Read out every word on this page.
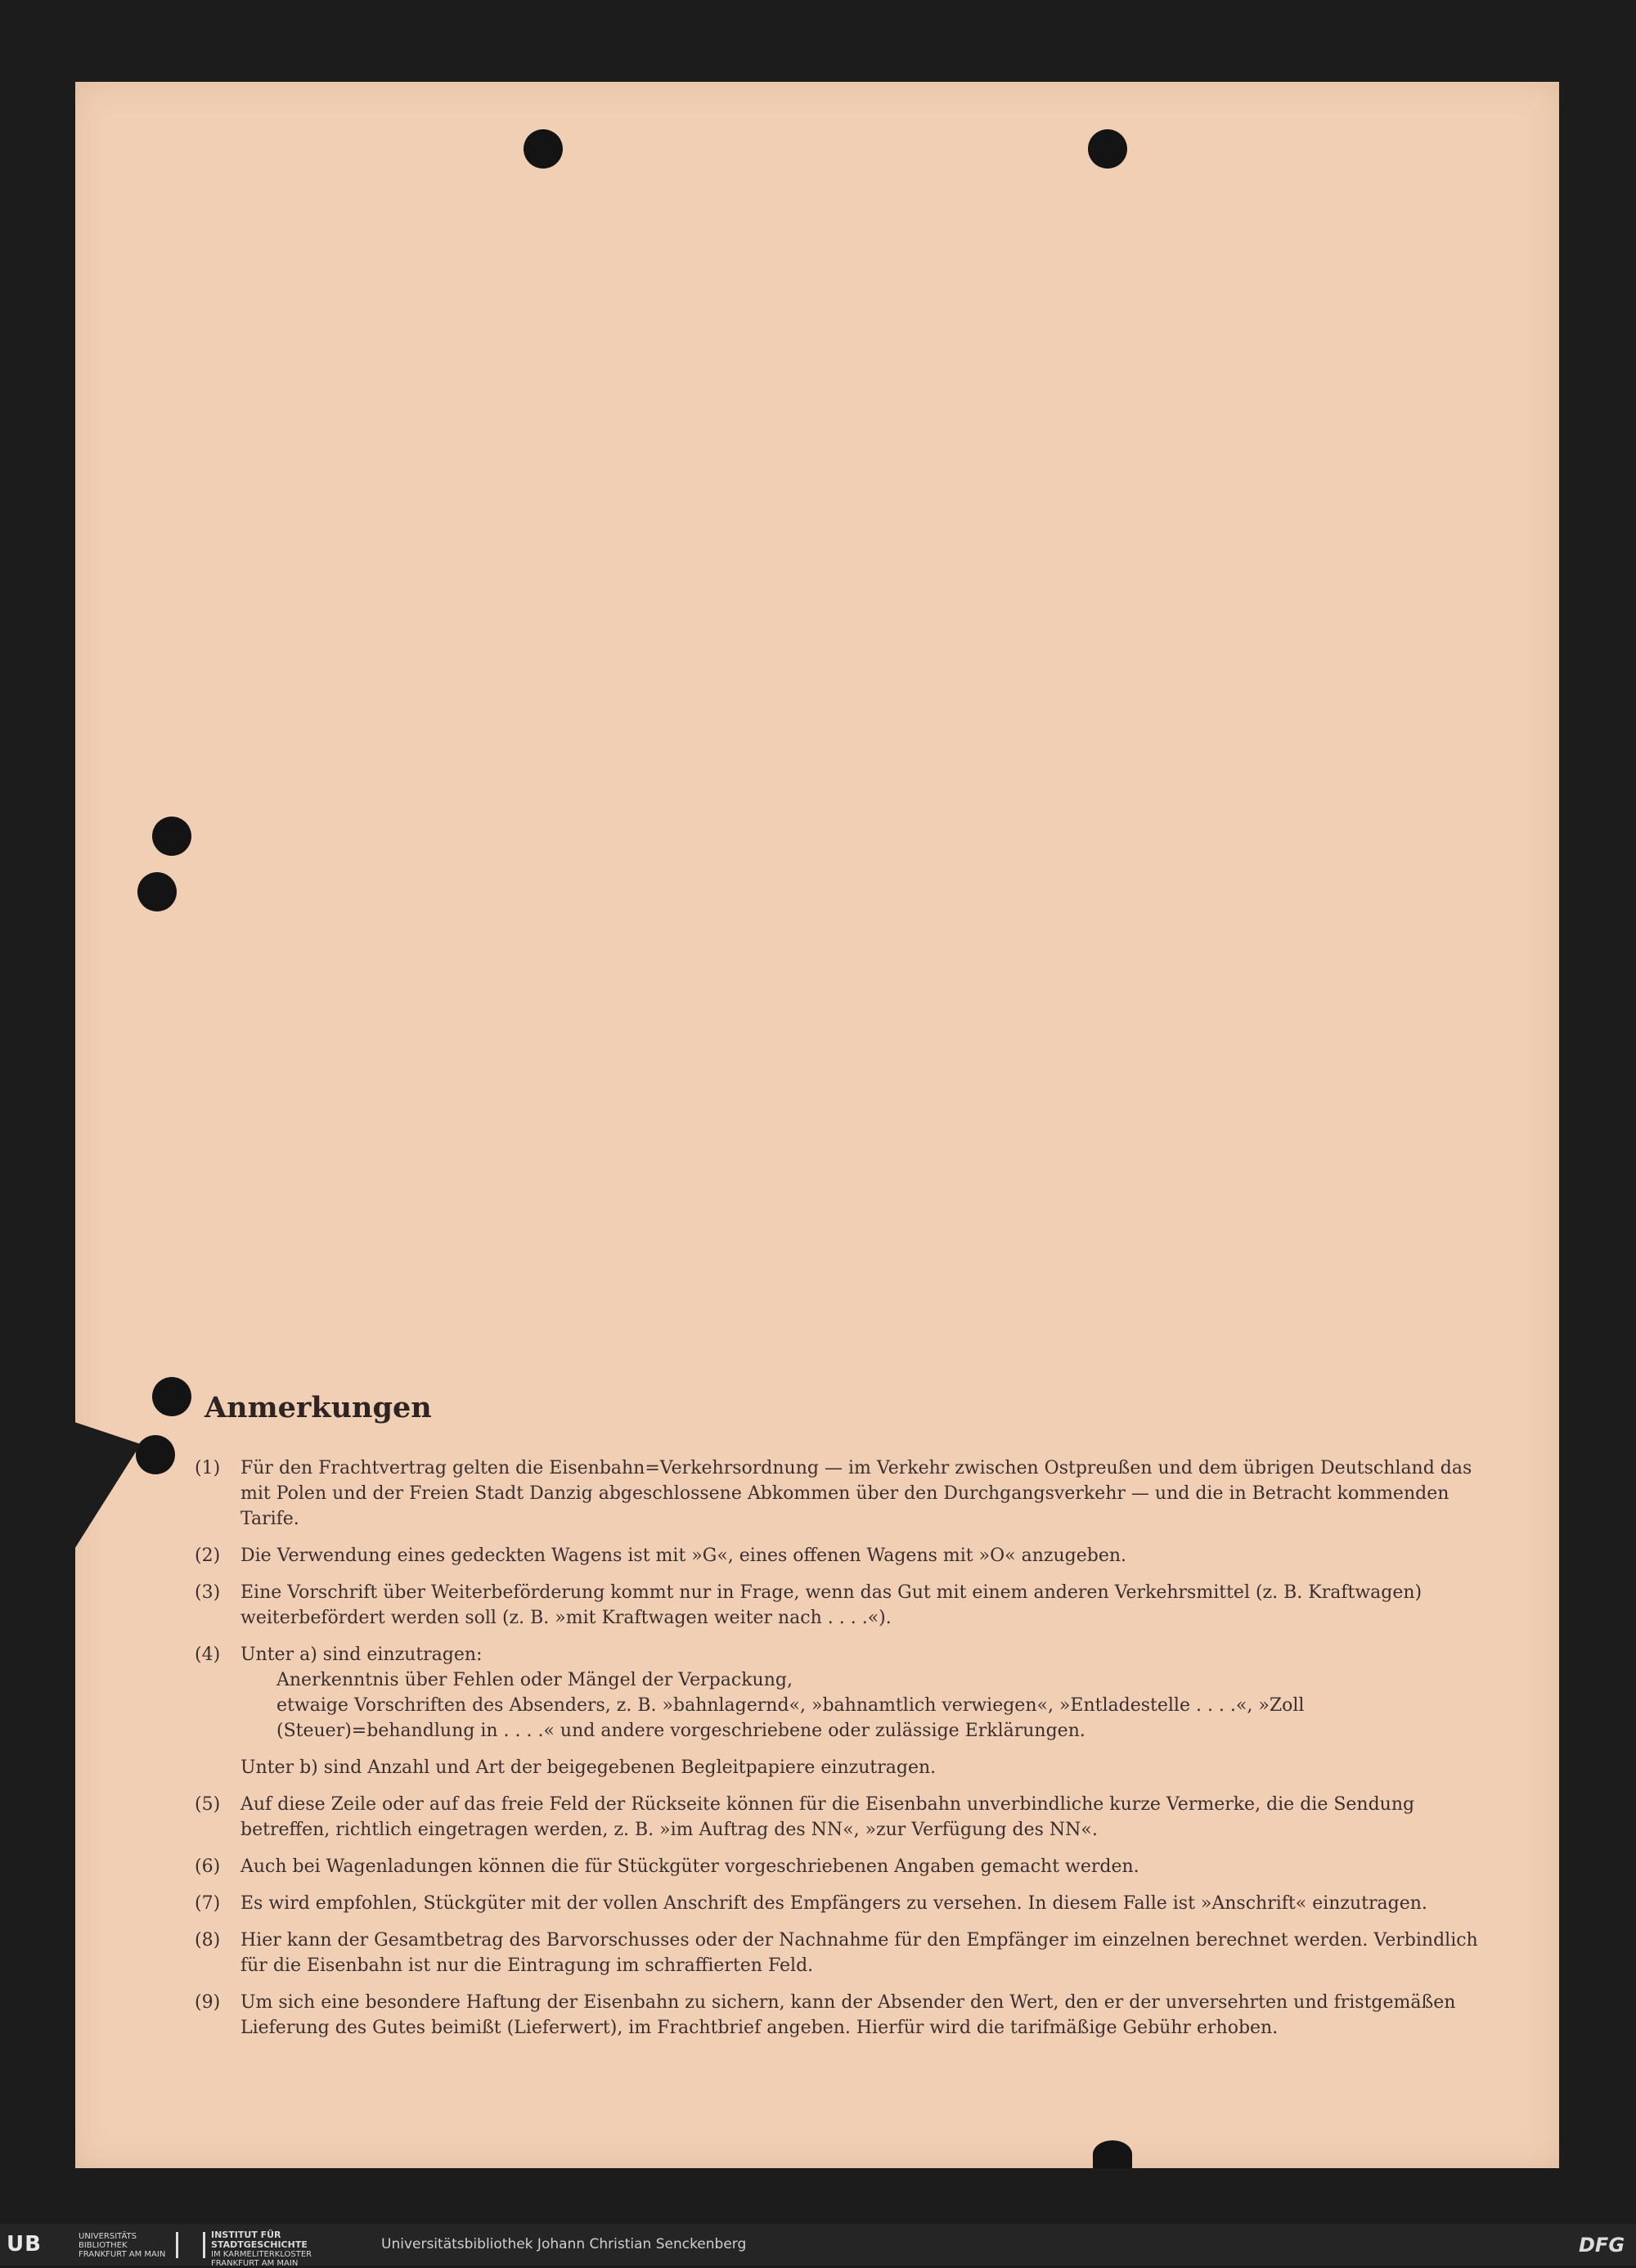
Anmerkungen
(1)	Für den Frachtvertrag gelten die Eisenbahn=Verkehrsordnung — im Verkehr zwischen Ostpreußen und dem übrigen Deutschland das mit Polen und der Freien Stadt Danzig abgeschlossene Abkommen über den Durchgangsverkehr — und die in Betracht kommenden Tarife.
(2)	Die Verwendung eines gedeckten Wagens ist mit »G«, eines offenen Wagens mit »O« anzugeben.
(3)	Eine Vorschrift über Weiterbeförderung kommt nur in Frage, wenn das Gut mit einem anderen Verkehrsmittel (z. B. Kraftwagen) weiterbefördert werden soll (z. B. »mit Kraftwagen weiter nach . . . .«).
(4)	Unter a) sind einzutragen:
Anerkenntnis über Fehlen oder Mängel der Verpackung,
etwaige Vorschriften des Absenders, z. B. »bahnlagernd«, »bahnamtlich verwiegen«, »Entladestelle . . . .«, »Zoll (Steuer)=behandlung in . . . .« und andere vorgeschriebene oder zulässige Erklärungen.
Unter b) sind Anzahl und Art der beigegebenen Begleitpapiere einzutragen.
(5)	Auf diese Zeile oder auf das freie Feld der Rückseite können für die Eisenbahn unverbindliche kurze Vermerke, die die Sendung betreffen, richtlich eingetragen werden, z. B. »im Auftrag des NN«, »zur Verfügung des NN«.
(6)	Auch bei Wagenladungen können die für Stückgüter vorgeschriebenen Angaben gemacht werden.
(7)	Es wird empfohlen, Stückgüter mit der vollen Anschrift des Empfängers zu versehen. In diesem Falle ist »Anschrift« einzutragen.
(8)	Hier kann der Gesamtbetrag des Barvorschusses oder der Nachnahme für den Empfänger im einzelnen berechnet werden. Verbindlich für die Eisenbahn ist nur die Eintragung im schraffierten Feld.
(9)	Um sich eine besondere Haftung der Eisenbahn zu sichern, kann der Absender den Wert, den er der unversehrten und fristgemäßen Lieferung des Gutes beimißt (Lieferwert), im Frachtbrief angeben. Hierfür wird die tarifmäßige Gebühr erhoben.
UB	UNIVERSITÄTS
BIBLIOTHEK
FRANKFURT AM MAIN
INSTITUT FÜR
STADTGESCHICHTE
IM KARMELITERKLOSTER
FRANKFURT AM MAIN
Universitätsbibliothek Johann Christian Senckenberg	DFG
